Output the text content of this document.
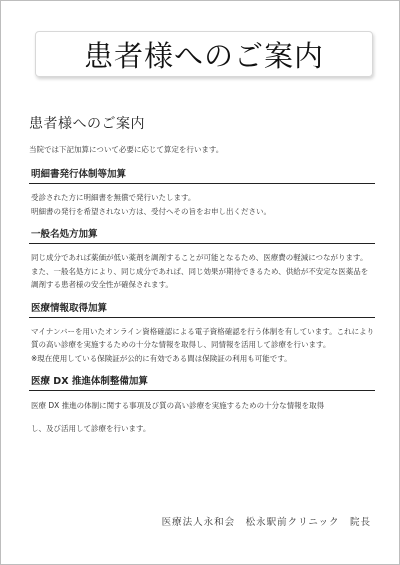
患者様へのご案内
患者様へのご案内
当院では下記加算について必要に応じて算定を行います。
明細書発行体制等加算

受診された方に明細書を無償で発行いたします。

明細書の発行を希望されない方は、受付へその旨をお申し出ください。

一般名処方加算

同じ成分であれば薬価が低い薬剤を調剤することが可能となるため、医療費の軽減につながります。

また、一般名処方により、同じ成分であれば、同じ効果が期待できるため、供給が不安定な医薬品を調剤する患者様の安全性が確保されます。

医療情報取得加算

マイナンバーを用いたオンライン資格確認による電子資格確認を行う体制を有しています。これにより質の高い診療を実施するための十分な情報を取得し、同情報を活用して診療を行います。

※現在使用している保険証が公的に有効である間は保険証の利用も可能です。

医療 DX 推進体制整備加算

医療 DX 推進の体制に関する事項及び質の高い診療を実施するための十分な情報を取得

し、及び活用して診療を行います。

医療法人永和会　松永駅前クリニック　院長
